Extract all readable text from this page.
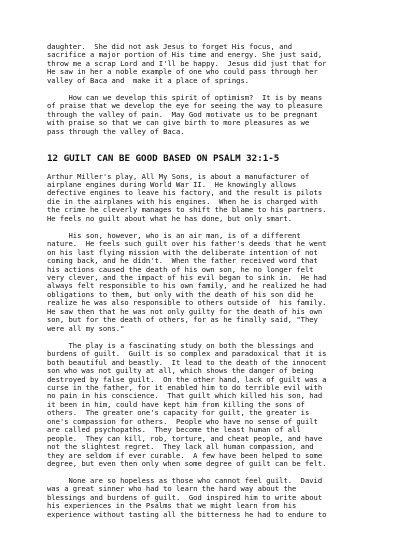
daughter.  She did not ask Jesus to forget His focus, and
sacrifice a major portion of His time and energy. She just said,
throw me a scrap Lord and I'll be happy.  Jesus did just that for
He saw in her a noble example of one who could pass through her
valley of Baca and  make it a place of springs.

How can we develop this spirit of optimism?  It is by means
of praise that we develop the eye for seeing the way to pleasure
through the valley of pain.  May God motivate us to be pregnant
with praise so that we can give birth to more pleasures as we
pass through the valley of Baca.

12 GUILT CAN BE GOOD BASED ON PSALM 32:1-5

Arthur Miller's play, All My Sons, is about a manufacturer of
airplane engines during World War II.  He knowingly allows
defective engines to leave his factory, and the result is pilots
die in the airplanes with his engines.  When he is charged with
the crime he cleverly manages to shift the blame to his partners.
He feels no guilt about what he has done, but only smart.

His son, however, who is an air man, is of a different
nature.  He feels such guilt over his father's deeds that he went
on his last flying mission with the deliberate intention of not
coming back, and he didn't.  When the father received word that
his actions caused the death of his own son, he no longer felt
very clever, and the impact of his evil began to sink in.  He had
always felt responsible to his own family, and he realized he had
obligations to them, but only with the death of his son did he
realize he was also responsible to others outside of  his family.
He saw then that he was not only guilty for the death of his own
son, but for the death of others, for as he finally said, "They
were all my sons."

The play is a fascinating study on both the blessings and
burdens of guilt.  Guilt is so complex and paradoxical that it is
both beautiful and beastly.  It lead to the death of the innocent
son who was not guilty at all, which shows the danger of being
destroyed by false guilt.  On the other hand, lack of guilt was a
curse in the father, for it enabled him to do terrible evil with
no pain in his conscience.  That guilt which killed his son, had
it been in him, could have kept him from killing the sons of
others.  The greater one's capacity for guilt, the greater is
one's compassion for others.  People who have no sense of guilt
are called psychopaths.  They become the least human of all
people.  They can kill, rob, torture, and cheat people, and have
not the slightest regret.  They lack all human compassion, and
they are seldom if ever curable.  A few have been helped to some
degree, but even then only when some degree of guilt can be felt.

None are so hopeless as those who cannot feel guilt.  David
was a great sinner who had to learn the hard way about the
blessings and burdens of guilt.  God inspired him to write about
his experiences in the Psalms that we might learn from his
experience without tasting all the bitterness he had to endure to
